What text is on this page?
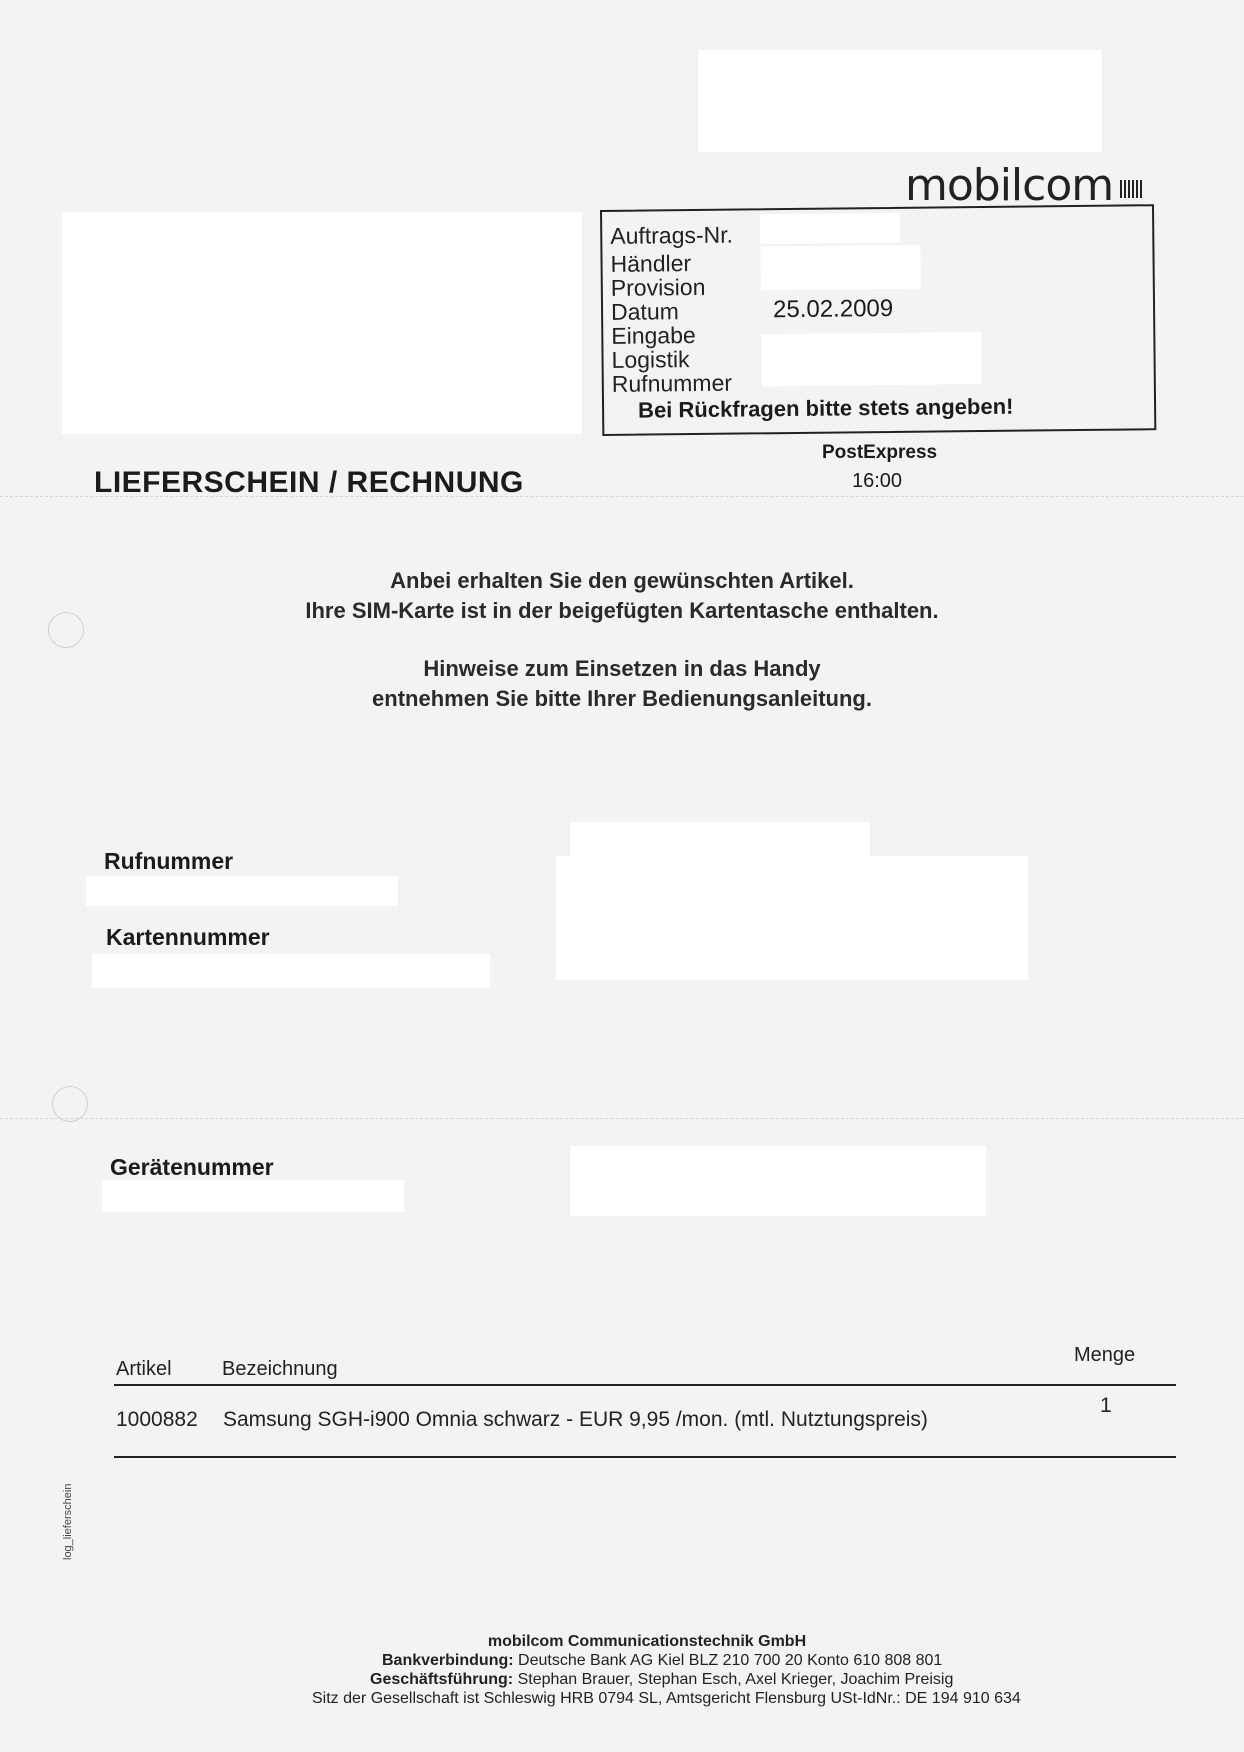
mobilcom
Auftrags-Nr.
Händler
Provision
Datum
Eingabe
Logistik
Rufnummer
25.02.2009
Bei Rückfragen bitte stets angeben!
PostExpress
16:00
LIEFERSCHEIN / RECHNUNG
Anbei erhalten Sie den gewünschten Artikel.
Ihre SIM-Karte ist in der beigefügten Kartentasche enthalten.
Hinweise zum Einsetzen in das Handy
entnehmen Sie bitte Ihrer Bedienungsanleitung.
Rufnummer
Kartennummer
Gerätenummer
Artikel	Bezeichnung
Menge
1000882 Samsung SGH-i900 Omnia schwarz - EUR 9,95 /mon. (mtl. Nutztungspreis)
1
log_lieferschein
mobilcom Communicationstechnik GmbH
Bankverbindung: Deutsche Bank AG Kiel BLZ 210 700 20 Konto 610 808 801
Geschäftsführung: Stephan Brauer, Stephan Esch, Axel Krieger, Joachim Preisig
Sitz der Gesellschaft ist Schleswig HRB 0794 SL, Amtsgericht Flensburg USt-IdNr.: DE 194 910 634
